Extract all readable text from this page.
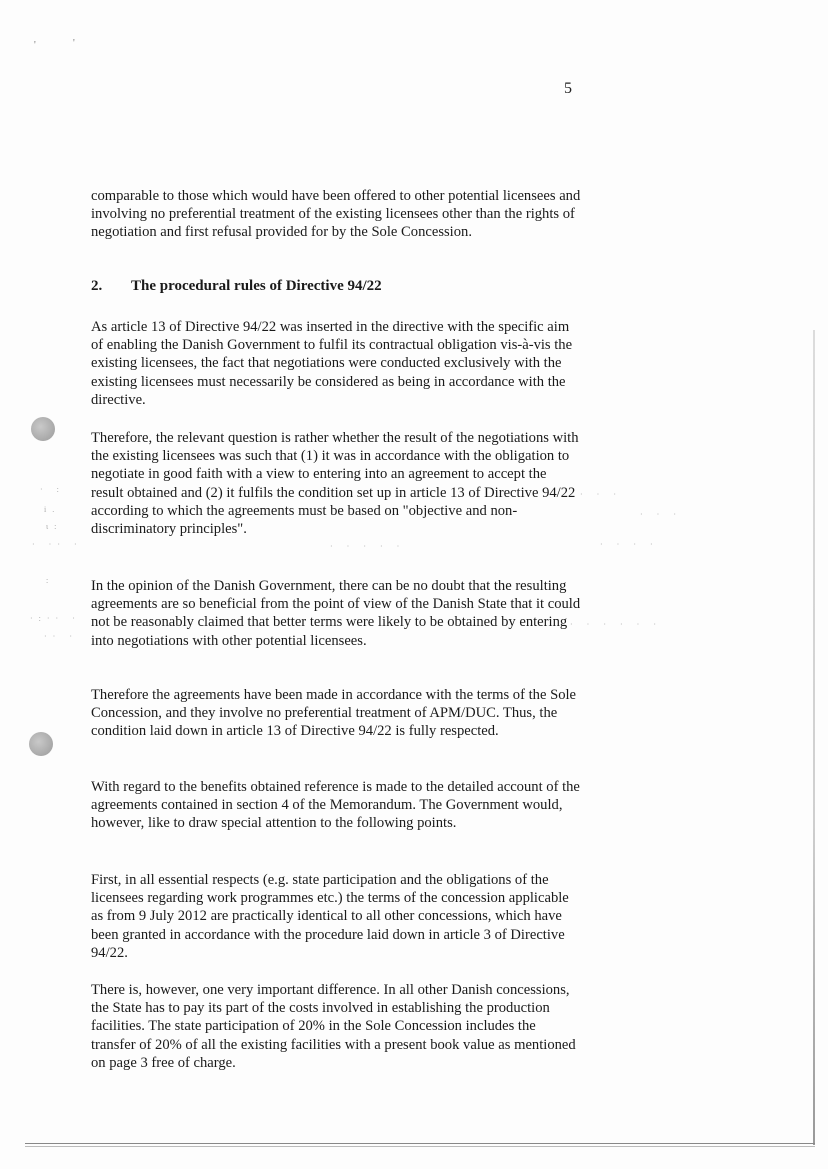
'	'
5

comparable to those which would have been offered to other potential licensees and involving no preferential treatment of the existing licensees other than the rights of negotiation and first refusal provided for by the Sole Concession.

2. The procedural rules of Directive 94/22

As article 13 of Directive 94/22 was inserted in the directive with the specific aim of enabling the Danish Government to fulfil its contractual obligation vis-à-vis the existing licensees, the fact that negotiations were conducted exclusively with the existing licensees must necessarily be considered as being in accordance with the directive.

Therefore, the relevant question is rather whether the result of the negotiations with the existing licensees was such that (1) it was in accordance with the obligation to negotiate in good faith with a view to entering into an agreement to accept the result obtained and (2) it fulfils the condition set up in article 13 of Directive 94/22 according to which the agreements must be based on "objective and non-discriminatory principles".

In the opinion of the Danish Government, there can be no doubt that the resulting agreements are so beneficial from the point of view of the Danish State that it could not be reasonably claimed that better terms were likely to be obtained by entering into negotiations with other potential licensees.

Therefore the agreements have been made in accordance with the terms of the Sole Concession, and they involve no preferential treatment of APM/DUC. Thus, the condition laid down in article 13 of Directive 94/22 is fully respected.

With regard to the benefits obtained reference is made to the detailed account of the agreements contained in section 4 of the Memorandum. The Government would, however, like to draw special attention to the following points.

First, in all essential respects (e.g. state participation and the obligations of the licensees regarding work programmes etc.) the terms of the concession applicable as from 9 July 2012 are practically identical to all other concessions, which have been granted in accordance with the procedure laid down in article 3 of Directive 94/22.

There is, however, one very important difference. In all other Danish concessions, the State has to pay its part of the costs involved in establishing the production facilities. The state participation of 20% in the Sole Concession includes the transfer of 20% of all the existing facilities with a present book value as mentioned on page 3 free of charge.

· :
i.
ι:
· ·· ·
:
·:·· ·
·· ·
· · ·
· · ·
· · · ·
· · · · · ·
· · · · ·
